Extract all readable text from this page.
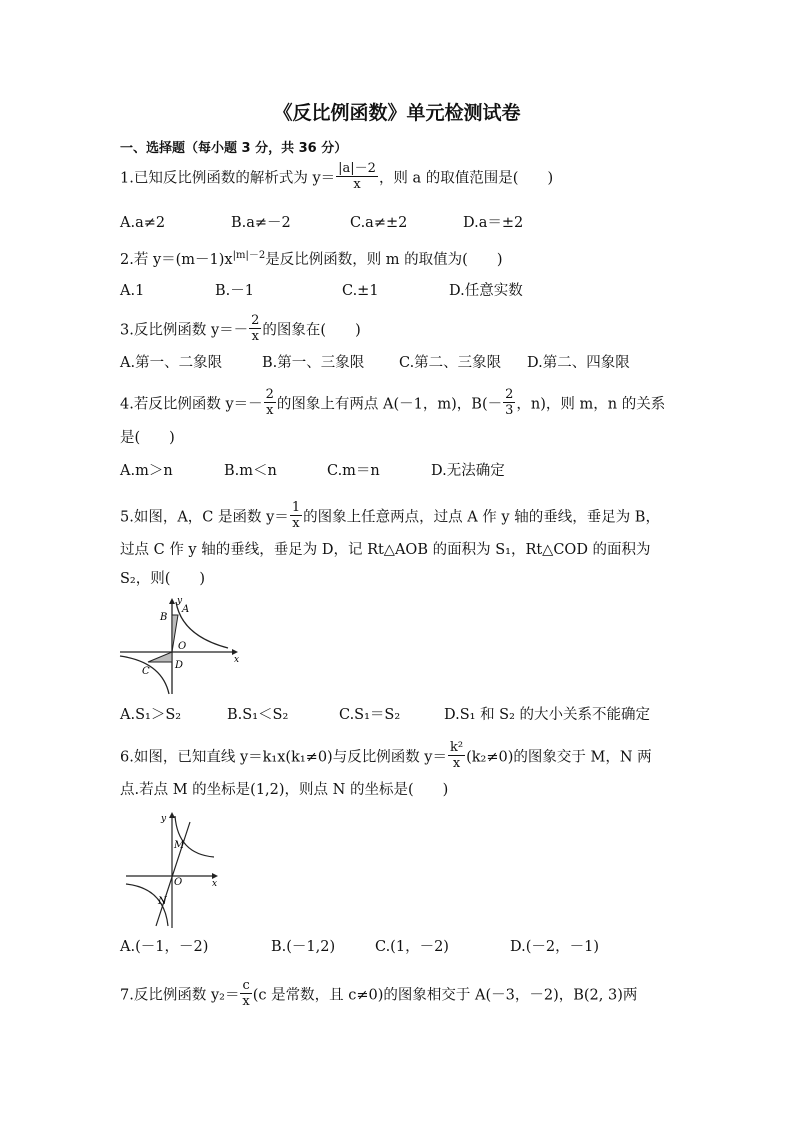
《反比例函数》单元检测试卷
一、选择题（每小题 3 分，共 36 分）
1.已知反比例函数的解析式为 $y= \frac{|a|-2}{x}$ ，则 a 的取值范围是(　　)
A.a≠2	B.a≠－2	C.a≠±2	D.a＝±2
2.若 $y=(m-1)x^{|m|-2}$是反比例函数，则 m 的取值为(　　)
A.1	B.－1	C.±1	D.任意实数
3.反比例函数 $y=- \frac{2}{x}$ 的图象在(　　)
A.第一、二象限	B.第一、三象限 C.第二、三象限 D.第二、四象限
4.若反比例函数 $y=- \frac{2}{x}$ 的图象上有两点 A(－1，m)，$B(- \frac{2}{3}$ ，n)，则 m，n 的关系
是(　　)
A.m＞n	B.m＜n	C.m＝n	D.无法确定
5.如图，A，C 是函数 $y= \frac{1}{x}$ 的图象上任意两点，过点 A 作 y 轴的垂线，垂足为 B，
过点 C 作 y 轴的垂线，垂足为 D，记 Rt△AOB 的面积为 S₁，Rt△COD 的面积为
S₂，则(　　)
y
x
A
B
O
D
C
A.S₁＞S₂	B.S₁＜S₂	C.S₁＝S₂	D.S₁ 和 S₂ 的大小关系不能确定
6.如图，已知直线 y＝k₁x(k₁≠0)与反比例函数 $y= \frac{\text{k²}}{x} (k_2\ne 0)$的图象交于 M，N 两
点.若点 M 的坐标是(1,2)，则点 N 的坐标是(　　)
y
x
M
O
N
A.(－1，－2)	B.(－1,2)	C.(1，－2)	D.(－2，－1)
7.反比例函数 $y_2= \frac{c}{x} (c$ 是常数，且 c≠0)的图象相交于 A(－3，－2)，B(2, 3)两
